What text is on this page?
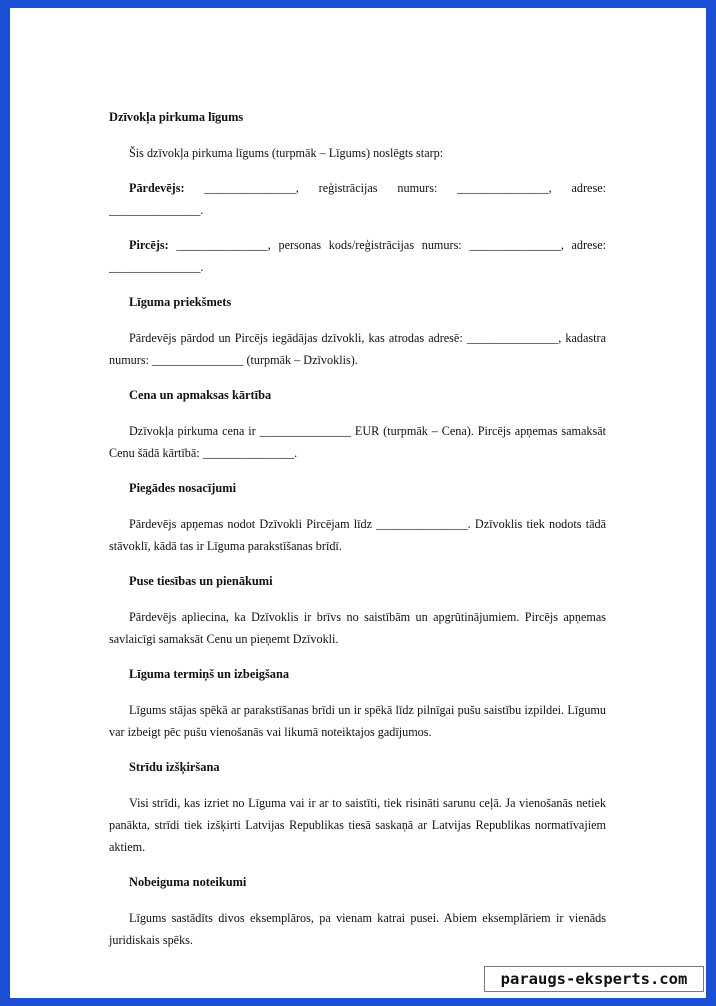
Dzīvokļa pirkuma līgums

Šis dzīvokļa pirkuma līgums (turpmāk – Līgums) noslēgts starp:

Pārdevējs: _______________, reģistrācijas numurs: _______________, adrese: _______________.

Pircējs: _______________, personas kods/reģistrācijas numurs: _______________, adrese: _______________.

Līguma priekšmets

Pārdevējs pārdod un Pircējs iegādājas dzīvokli, kas atrodas adresē: _______________, kadastra numurs: _______________ (turpmāk – Dzīvoklis).

Cena un apmaksas kārtība

Dzīvokļa pirkuma cena ir _______________ EUR (turpmāk – Cena). Pircējs apņemas samaksāt Cenu šādā kārtībā: _______________.

Piegādes nosacījumi

Pārdevējs apņemas nodot Dzīvokli Pircējam līdz _______________. Dzīvoklis tiek nodots tādā stāvoklī, kādā tas ir Līguma parakstīšanas brīdī.

Puse tiesības un pienākumi

Pārdevējs apliecina, ka Dzīvoklis ir brīvs no saistībām un apgrūtinājumiem. Pircējs apņemas savlaicīgi samaksāt Cenu un pieņemt Dzīvokli.

Līguma termiņš un izbeigšana

Līgums stājas spēkā ar parakstīšanas brīdi un ir spēkā līdz pilnīgai pušu saistību izpildei. Līgumu var izbeigt pēc pušu vienošanās vai likumā noteiktajos gadījumos.

Strīdu izšķiršana

Visi strīdi, kas izriet no Līguma vai ir ar to saistīti, tiek risināti sarunu ceļā. Ja vienošanās netiek panākta, strīdi tiek izšķirti Latvijas Republikas tiesā saskaņā ar Latvijas Republikas normatīvajiem aktiem.

Nobeiguma noteikumi

Līgums sastādīts divos eksemplāros, pa vienam katrai pusei. Abiem eksemplāriem ir vienāds juridiskais spēks.

paraugs-eksperts.com
